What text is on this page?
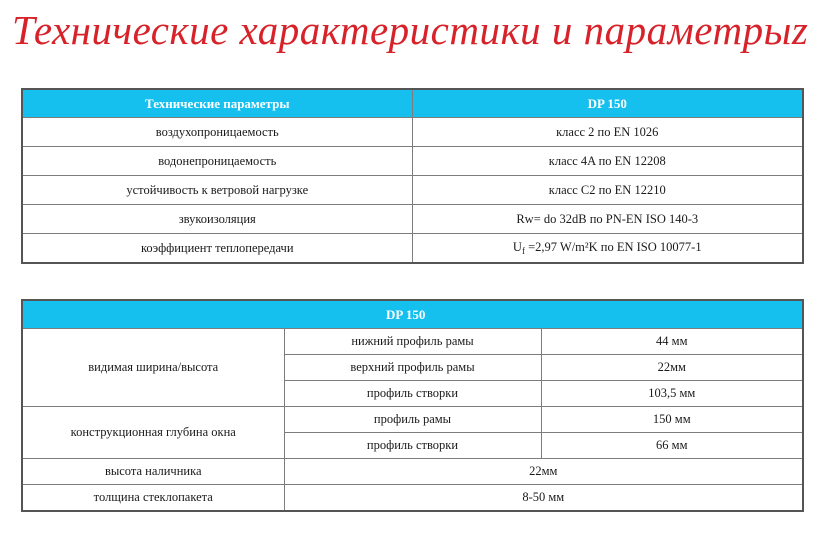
Технические характеристики и параметрыz
Технические параметры	DP 150
воздухопроницаемость	класс 2 по EN 1026
водонепроницаемость	класс 4A по EN 12208
устойчивость к ветровой нагрузке	класс C2 по EN 12210
звукоизоляция	Rw= do 32dB по PN-EN ISO 140-3
коэффициент теплопередачи	$U_f =2,97$ W/m²K по EN ISO 10077-1
DP 150		
видимая ширина/высота	нижний профиль рамы	44 мм
	верхний профиль рамы	22мм
	профиль створки	103,5 мм
конструкционная глубина окна	профиль рамы	150 мм
	профиль створки	66 мм
высота наличника	22мм	
толщина стеклопакета	8-50 мм	
